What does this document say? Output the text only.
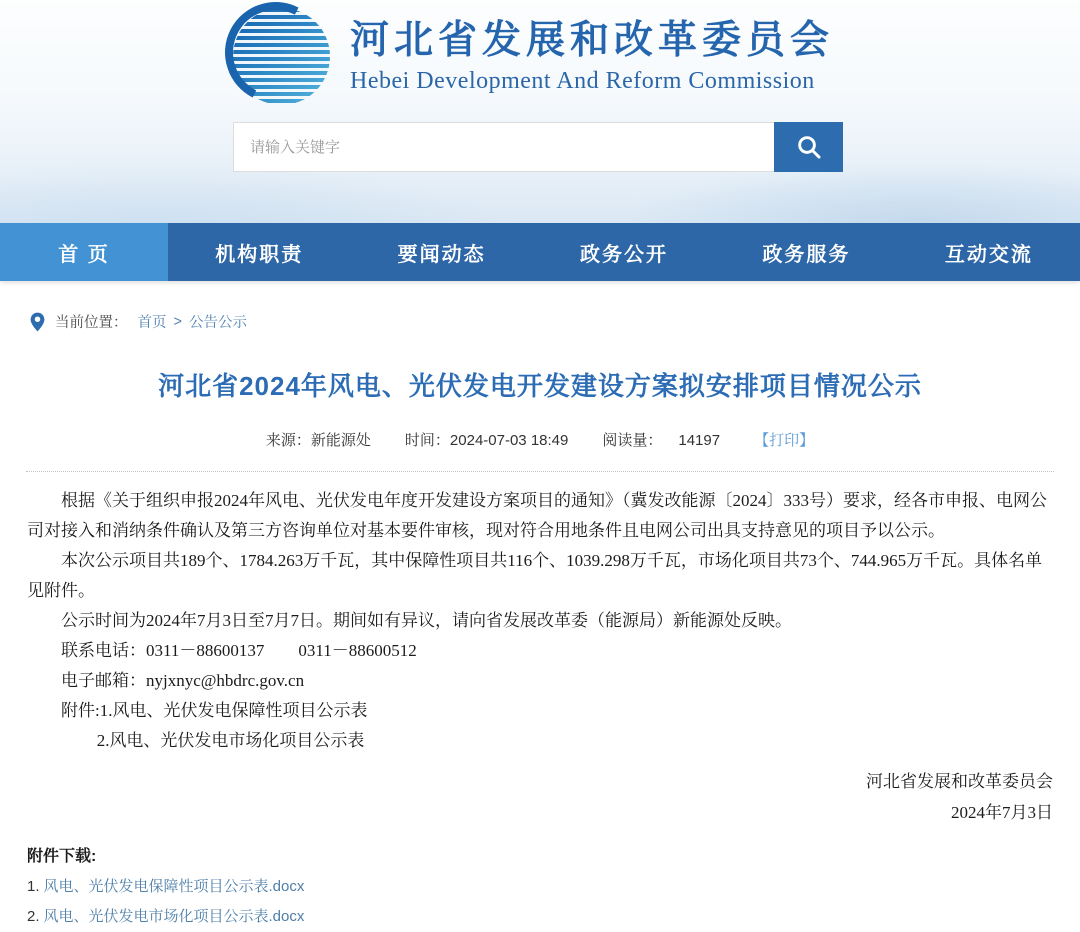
河北省发展和改革委员会
Hebei Development And Reform Commission
请输入关键字
首 页	机构职责	要闻动态	政务公开	政务服务	互动交流
当前位置： 首页 > 公告公示
河北省2024年风电、光伏发电开发建设方案拟安排项目情况公示
来源：新能源处 时间：2024-07-03 18:49 阅读量： 14197 【打印】

根据《关于组织申报2024年风电、光伏发电年度开发建设方案项目的通知》（冀发改能源〔2024〕333号）要求，经各市申报、电网公司对接入和消纳条件确认及第三方咨询单位对基本要件审核，现对符合用地条件且电网公司出具支持意见的项目予以公示。

本次公示项目共189个、1784.263万千瓦，其中保障性项目共116个、1039.298万千瓦，市场化项目共73个、744.965万千瓦。具体名单见附件。

公示时间为2024年7月3日至7月7日。期间如有异议，请向省发展改革委（能源局）新能源处反映。

联系电话：0311－88600137　　0311－88600512

电子邮箱：nyjxnyc@hbdrc.gov.cn

附件:1.风电、光伏发电保障性项目公示表

2.风电、光伏发电市场化项目公示表

河北省发展和改革委员会
2024年7月3日
附件下载:
1. 风电、光伏发电保障性项目公示表.docx
2. 风电、光伏发电市场化项目公示表.docx
